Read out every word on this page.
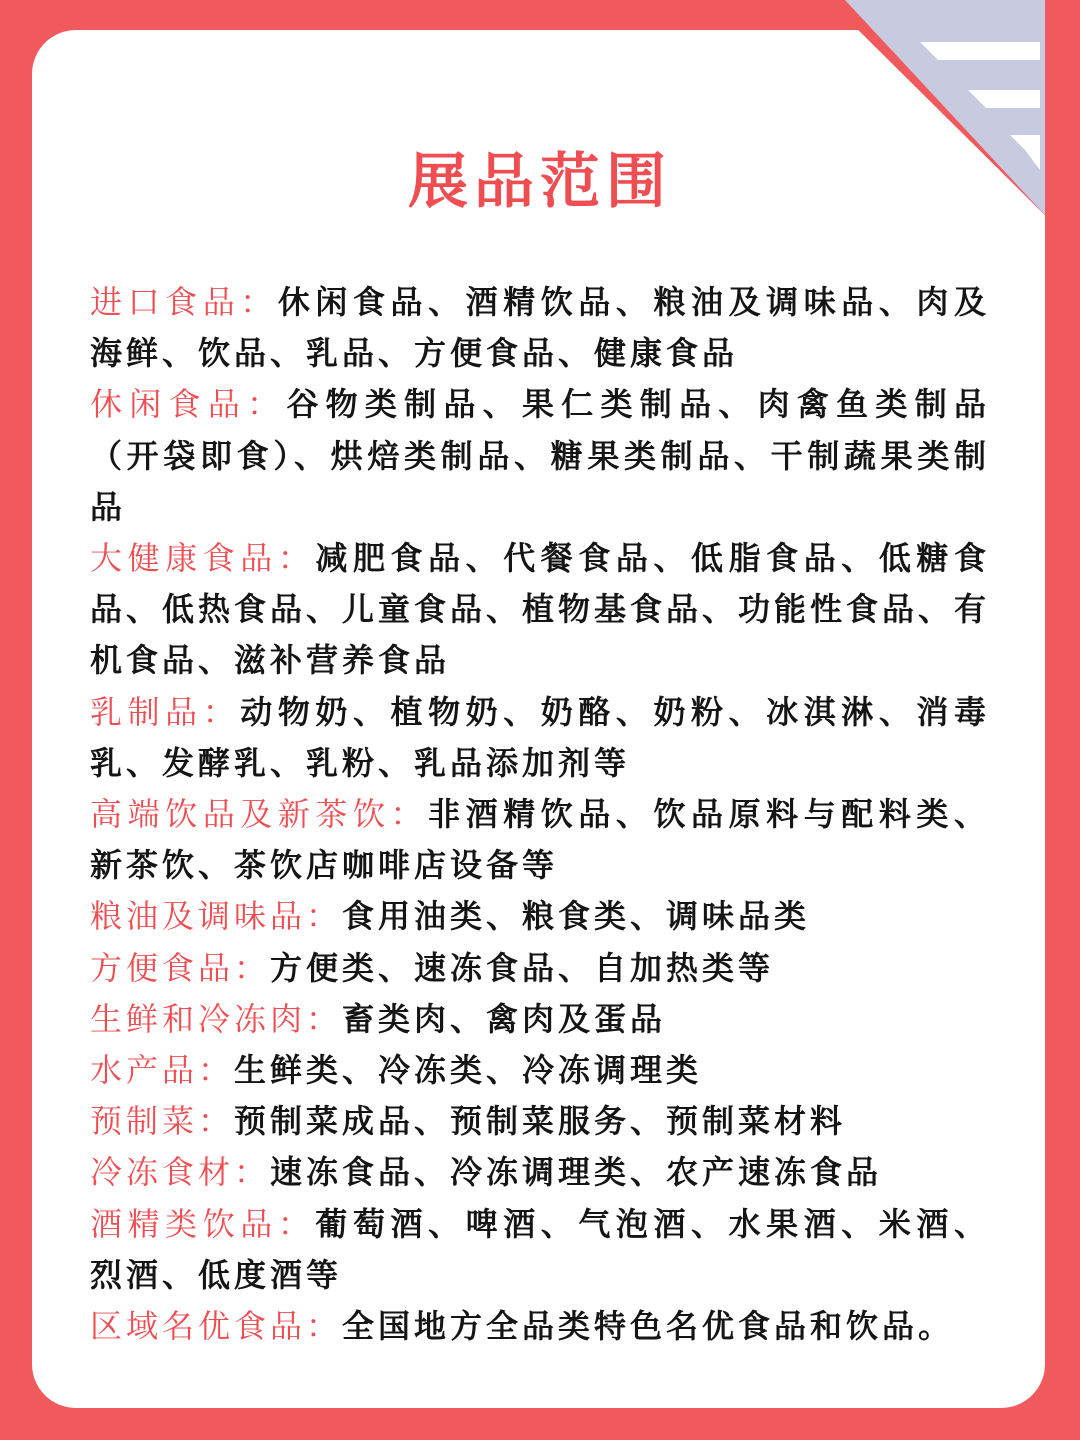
展品范围

进口食品：休闲食品、酒精饮品、粮油及调味品、肉及海鲜、饮品、乳品、方便食品、健康食品

休闲食品：谷物类制品、果仁类制品、肉禽鱼类制品（开袋即食）、烘焙类制品、糖果类制品、干制蔬果类制品

大健康食品：减肥食品、代餐食品、低脂食品、低糖食品、低热食品、儿童食品、植物基食品、功能性食品、有机食品、滋补营养食品

乳制品：动物奶、植物奶、奶酪、奶粉、冰淇淋、消毒乳、发酵乳、乳粉、乳品添加剂等

高端饮品及新茶饮：非酒精饮品、饮品原料与配料类、新茶饮、茶饮店咖啡店设备等

粮油及调味品：食用油类、粮食类、调味品类

方便食品：方便类、速冻食品、自加热类等

生鲜和冷冻肉：畜类肉、禽肉及蛋品

水产品：生鲜类、冷冻类、冷冻调理类

预制菜：预制菜成品、预制菜服务、预制菜材料

冷冻食材：速冻食品、冷冻调理类、农产速冻食品

酒精类饮品：葡萄酒、啤酒、气泡酒、水果酒、米酒、烈酒、低度酒等

区域名优食品：全国地方全品类特色名优食品和饮品。
